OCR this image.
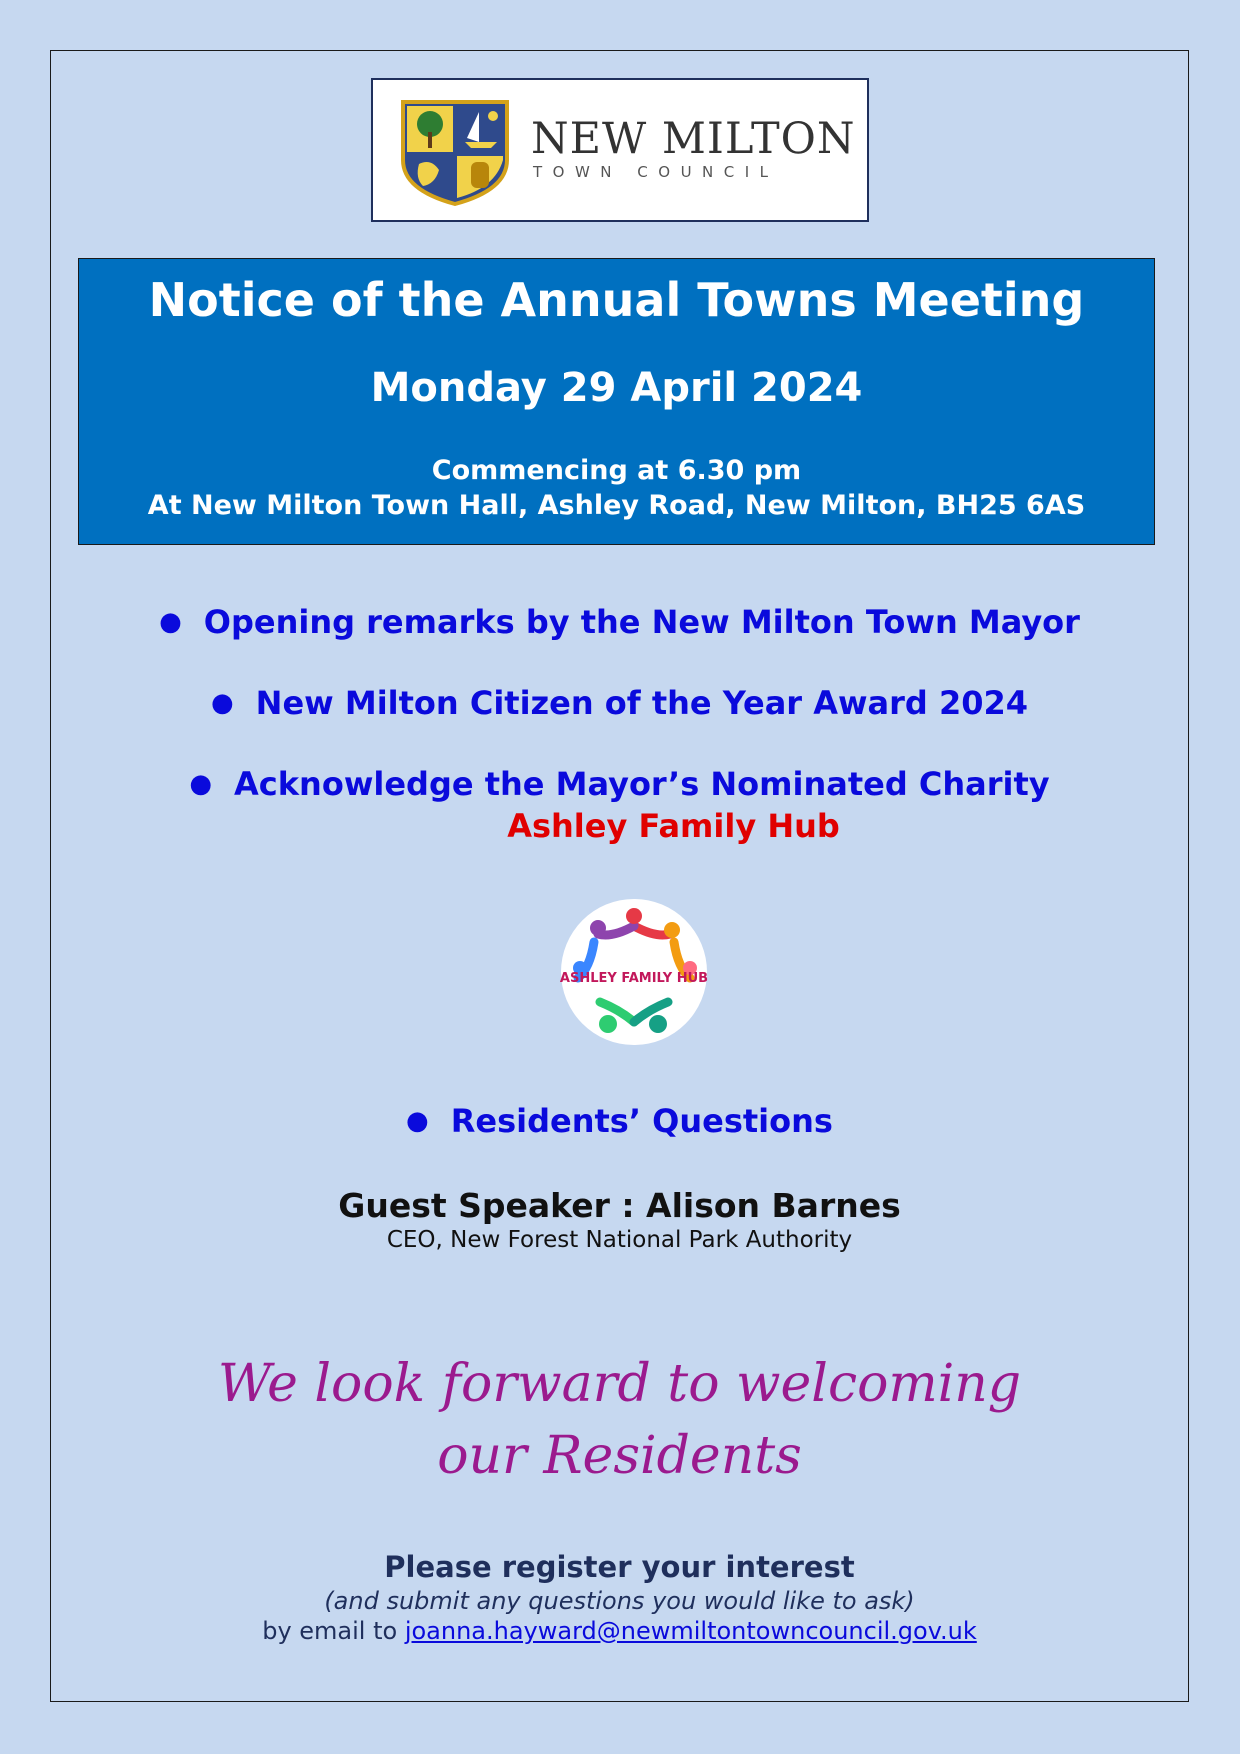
NEW MILTON
TOWN COUNCIL
Notice of the Annual Towns Meeting
Monday 29 April 2024
Commencing at 6.30 pm
At New Milton Town Hall, Ashley Road, New Milton, BH25 6AS
● Opening remarks by the New Milton Town Mayor
● New Milton Citizen of the Year Award 2024
● Acknowledge the Mayor’s Nominated Charity
Ashley Family Hub
ASHLEY FAMILY HUB
● Residents’ Questions
Guest Speaker : Alison Barnes
CEO, New Forest National Park Authority
We look forward to welcoming
our Residents
Please register your interest
(and submit any questions you would like to ask)
by email to joanna.hayward@newmiltontowncouncil.gov.uk
